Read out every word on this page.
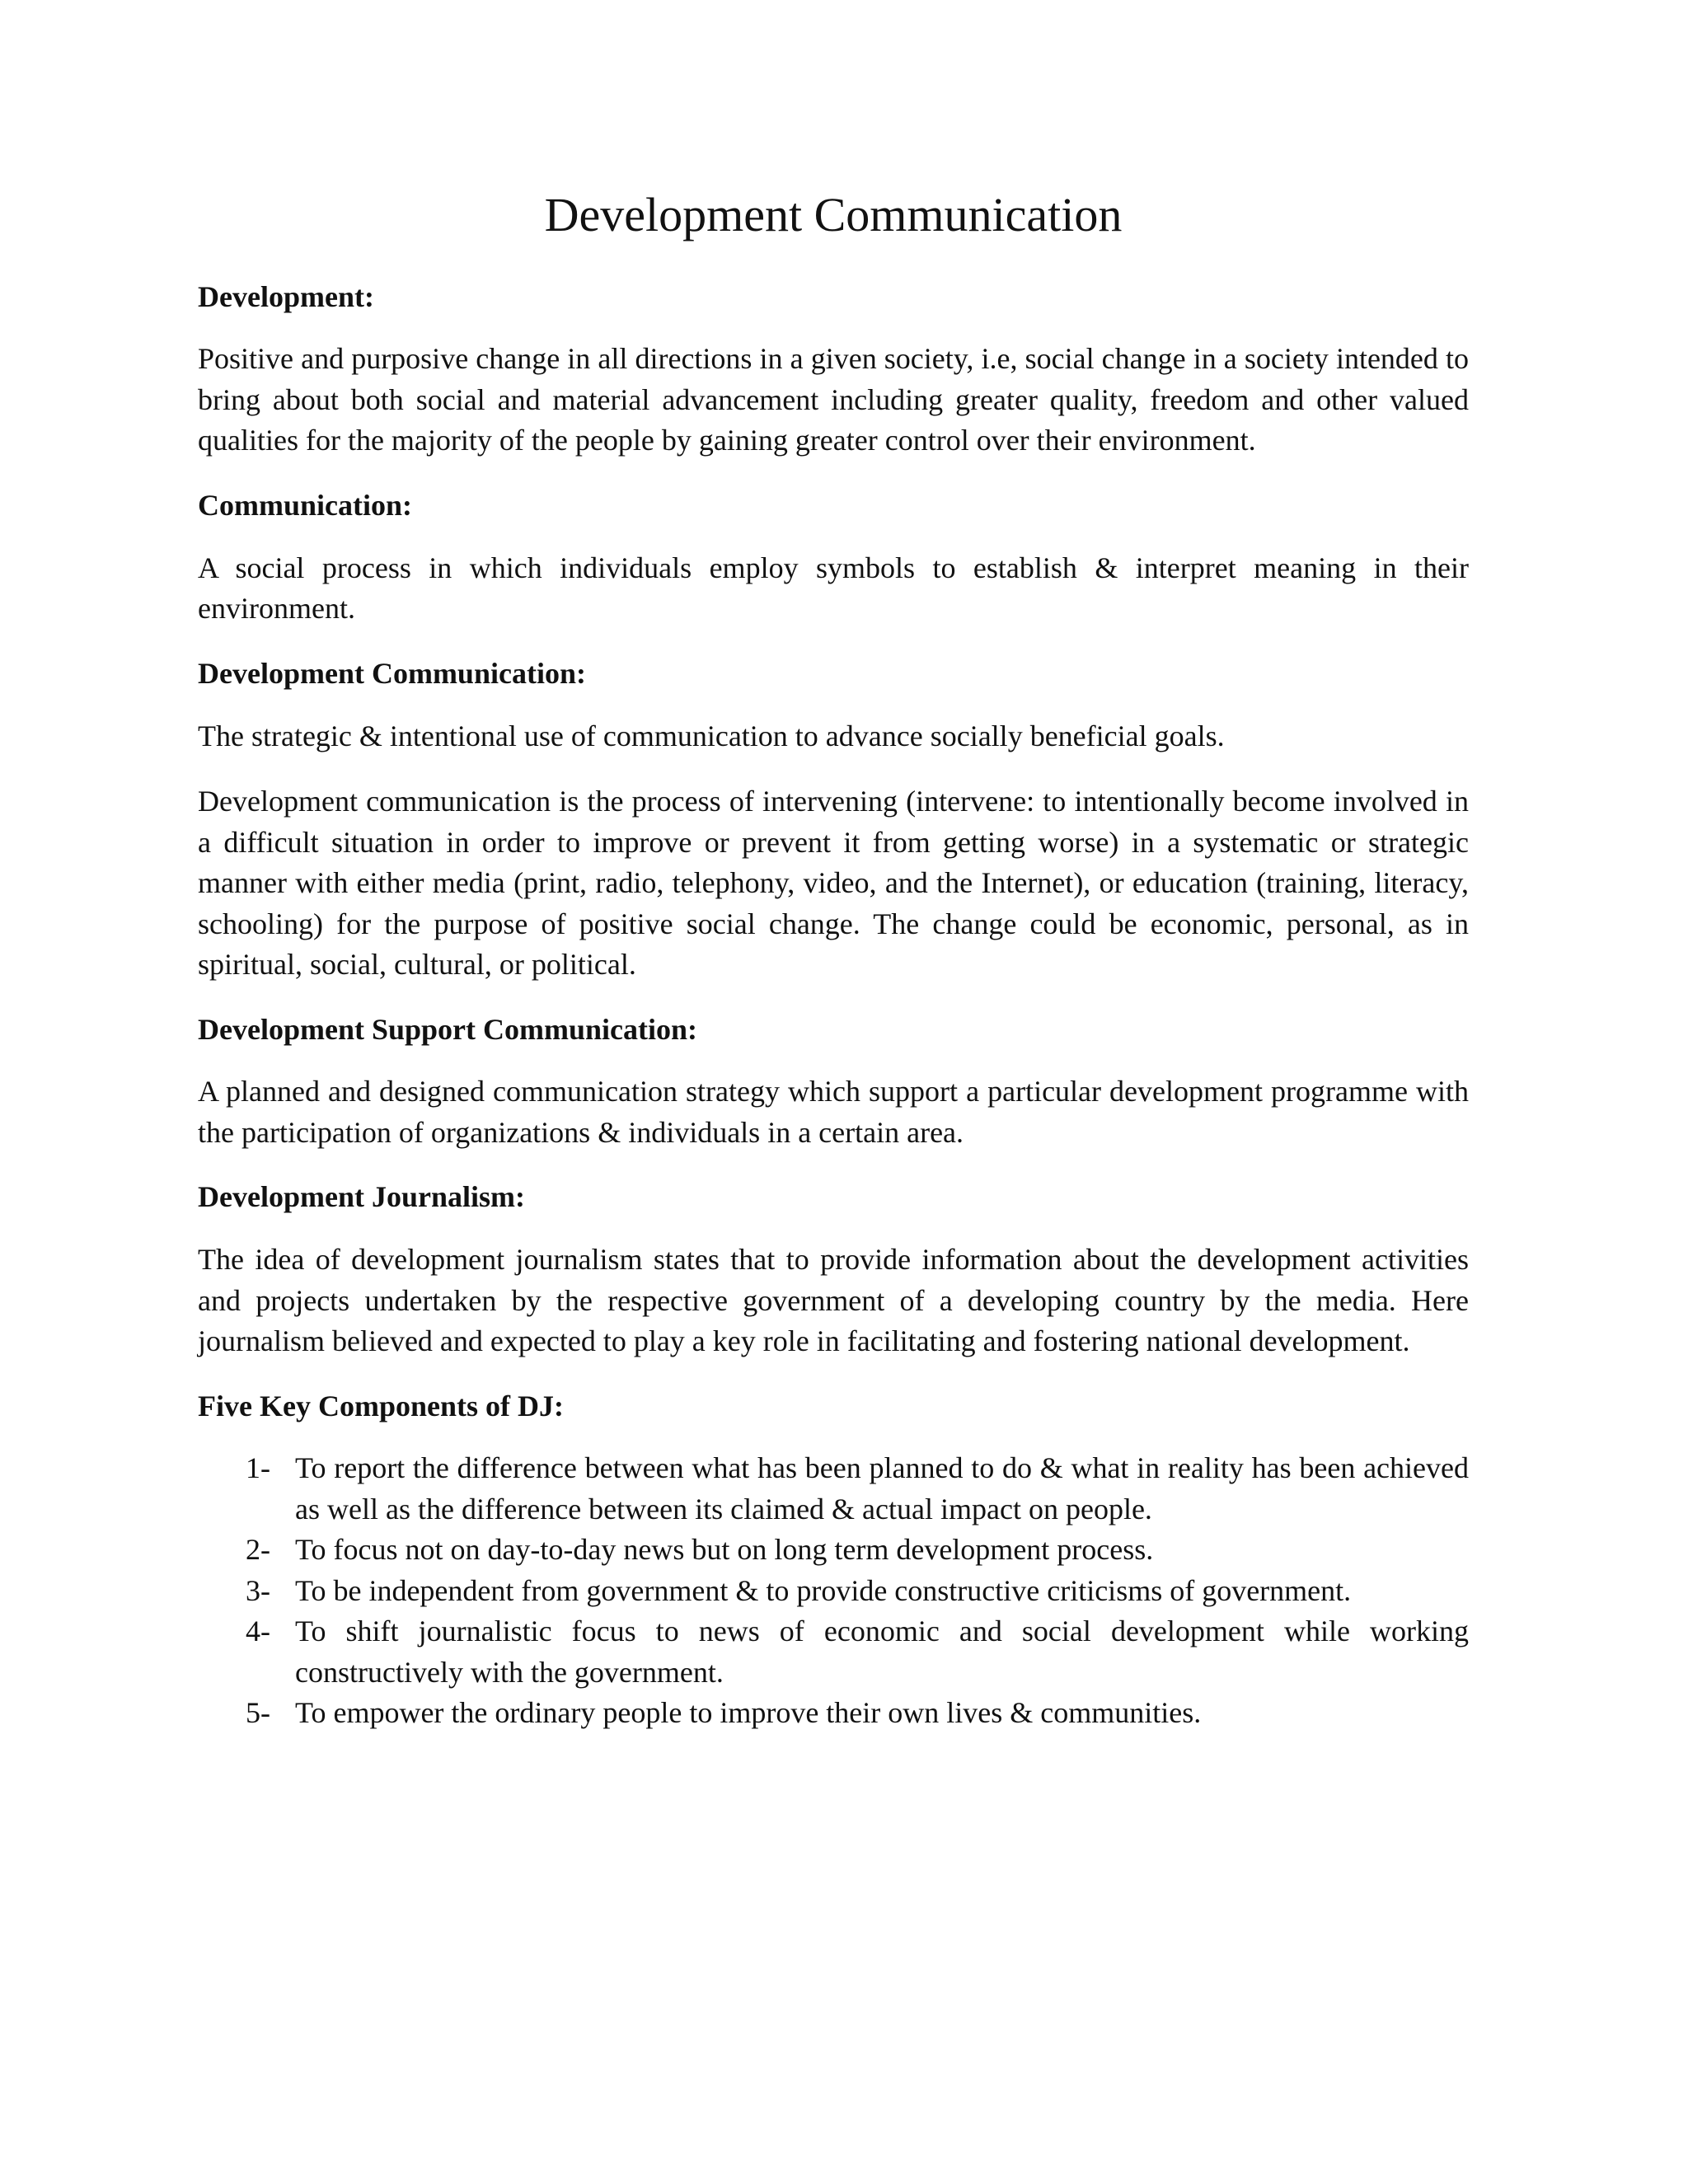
Development Communication
Development:

Positive and purposive change in all directions in a given society, i.e, social change in a society intended to bring about both social and material advancement including greater quality, freedom and other valued qualities for the majority of the people by gaining greater control over their environment.

Communication:

A social process in which individuals employ symbols to establish & interpret meaning in their environment.

Development Communication:

The strategic & intentional use of communication to advance socially beneficial goals.

Development communication is the process of intervening (intervene: to intentionally become involved in a difficult situation in order to improve or prevent it from getting worse) in a systematic or strategic manner with either media (print, radio, telephony, video, and the Internet), or education (training, literacy, schooling) for the purpose of positive social change. The change could be economic, personal, as in spiritual, social, cultural, or political.

Development Support Communication:

A planned and designed communication strategy which support a particular development programme with the participation of organizations & individuals in a certain area.

Development Journalism:

The idea of development journalism states that to provide information about the development activities and projects undertaken by the respective government of a developing country by the media. Here journalism believed and expected to play a key role in facilitating and fostering national development.

Five Key Components of DJ:
1- To report the difference between what has been planned to do & what in reality has been achieved as well as the difference between its claimed & actual impact on people.
2- To focus not on day-to-day news but on long term development process.
3- To be independent from government & to provide constructive criticisms of government.
4- To shift journalistic focus to news of economic and social development while working constructively with the government.
5- To empower the ordinary people to improve their own lives & communities.
